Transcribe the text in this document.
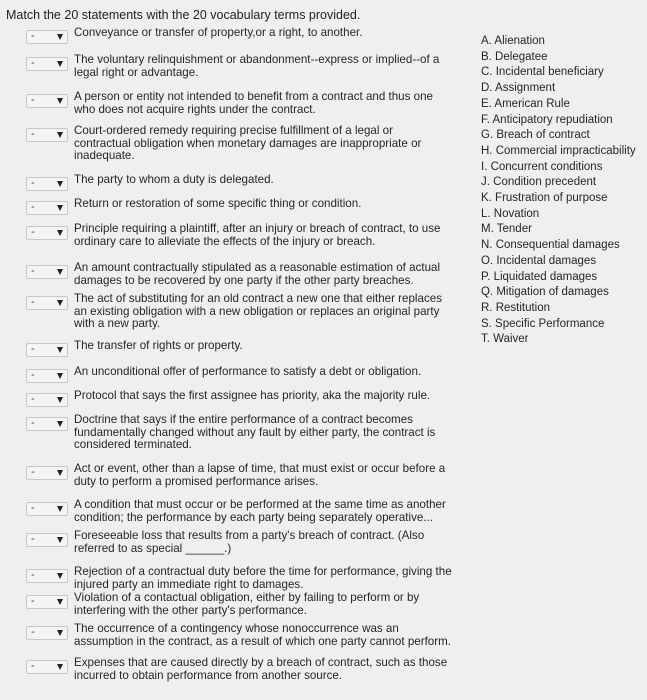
Match the 20 statements with the 20 vocabulary terms provided.
-	Conveyance or transfer of property,or a right, to another.
-	The voluntary relinquishment or abandonment--express or implied--of a
legal right or advantage.
-	A person or entity not intended to benefit from a contract and thus one
who does not acquire rights under the contract.
-	Court-ordered remedy requiring precise fulfillment of a legal or
contractual obligation when monetary damages are inappropriate or
inadequate.
-	The party to whom a duty is delegated.
-	Return or restoration of some specific thing or condition.
-	Principle requiring a plaintiff, after an injury or breach of contract, to use
ordinary care to alleviate the effects of the injury or breach.
-	An amount contractually stipulated as a reasonable estimation of actual
damages to be recovered by one party if the other party breaches.
-	The act of substituting for an old contract a new one that either replaces
an existing obligation with a new obligation or replaces an original party
with a new party.
-	The transfer of rights or property.
-	An unconditional offer of performance to satisfy a debt or obligation.
-	Protocol that says the first assignee has priority, aka the majority rule.
-	Doctrine that says if the entire performance of a contract becomes
fundamentally changed without any fault by either party, the contract is
considered terminated.
-	Act or event, other than a lapse of time, that must exist or occur before a
duty to perform a promised performance arises.
-	A condition that must occur or be performed at the same time as another
condition; the performance by each party being separately operative...
-	Foreseeable loss that results from a party's breach of contract. (Also
referred to as special ______.)
-	Rejection of a contractual duty before the time for performance, giving the
injured party an immediate right to damages.
-	Violation of a contactual obligation, either by failing to perform or by
interfering with the other party's performance.
-	The occurrence of a contingency whose nonoccurrence was an
assumption in the contract, as a result of which one party cannot perform.
-	Expenses that are caused directly by a breach of contract, such as those
incurred to obtain performance from another source.
A. Alienation
B. Delegatee
C. Incidental beneficiary
D. Assignment
E. American Rule
F. Anticipatory repudiation
G. Breach of contract
H. Commercial impracticability
I. Concurrent conditions
J. Condition precedent
K. Frustration of purpose
L. Novation
M. Tender
N. Consequential damages
O. Incidental damages
P. Liquidated damages
Q. Mitigation of damages
R. Restitution
S. Specific Performance
T. Waiver
